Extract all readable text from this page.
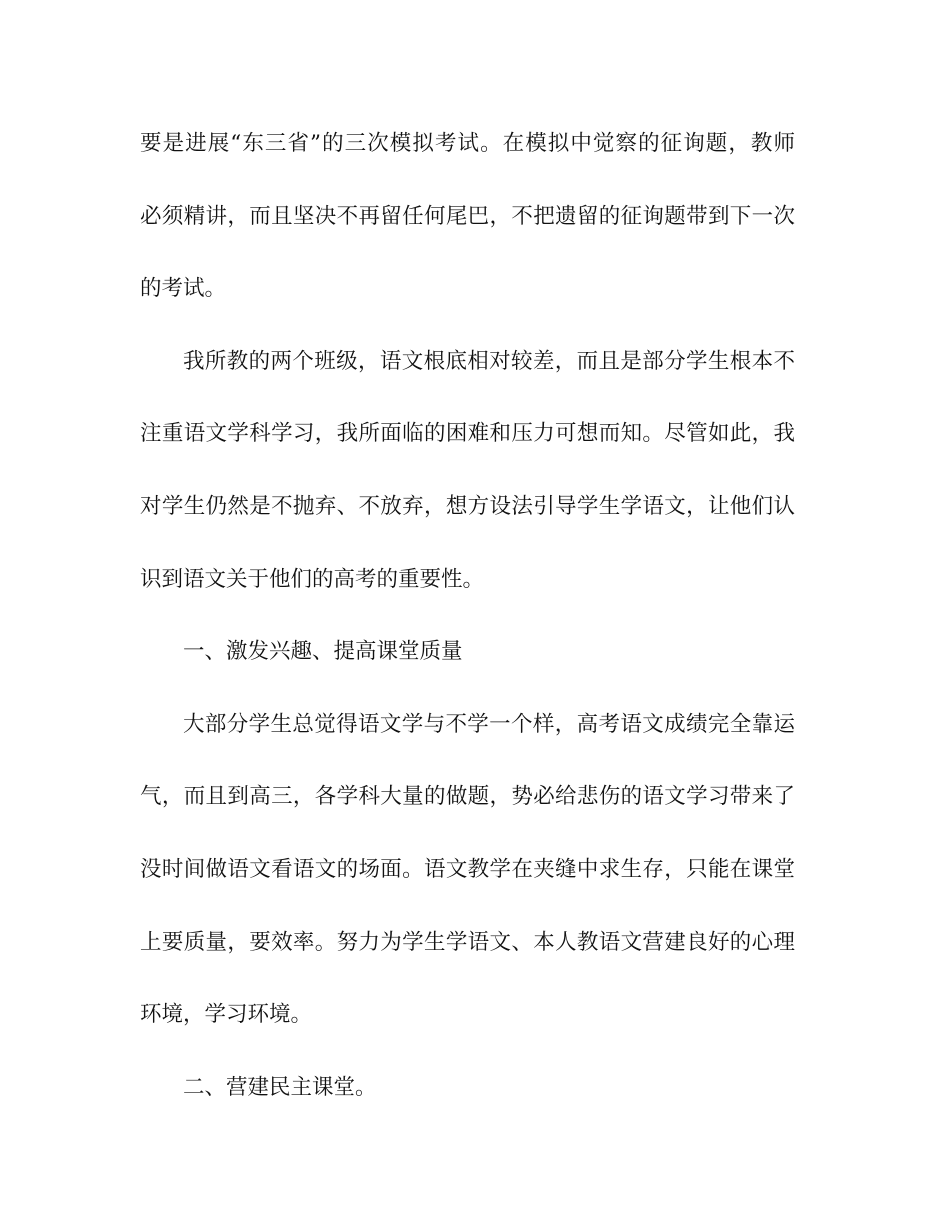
要是进展“东三省”的三次模拟考试。在模拟中觉察的征询题，教师
必须精讲，而且坚决不再留任何尾巴，不把遗留的征询题带到下一次
的考试。
我所教的两个班级，语文根底相对较差，而且是部分学生根本不
注重语文学科学习，我所面临的困难和压力可想而知。尽管如此，我
对学生仍然是不抛弃、不放弃，想方设法引导学生学语文，让他们认
识到语文关于他们的高考的重要性。
一、激发兴趣、提高课堂质量
大部分学生总觉得语文学与不学一个样，高考语文成绩完全靠运
气，而且到高三，各学科大量的做题，势必给悲伤的语文学习带来了
没时间做语文看语文的场面。语文教学在夹缝中求生存，只能在课堂
上要质量，要效率。努力为学生学语文、本人教语文营建良好的心理
环境，学习环境。
二、营建民主课堂。
